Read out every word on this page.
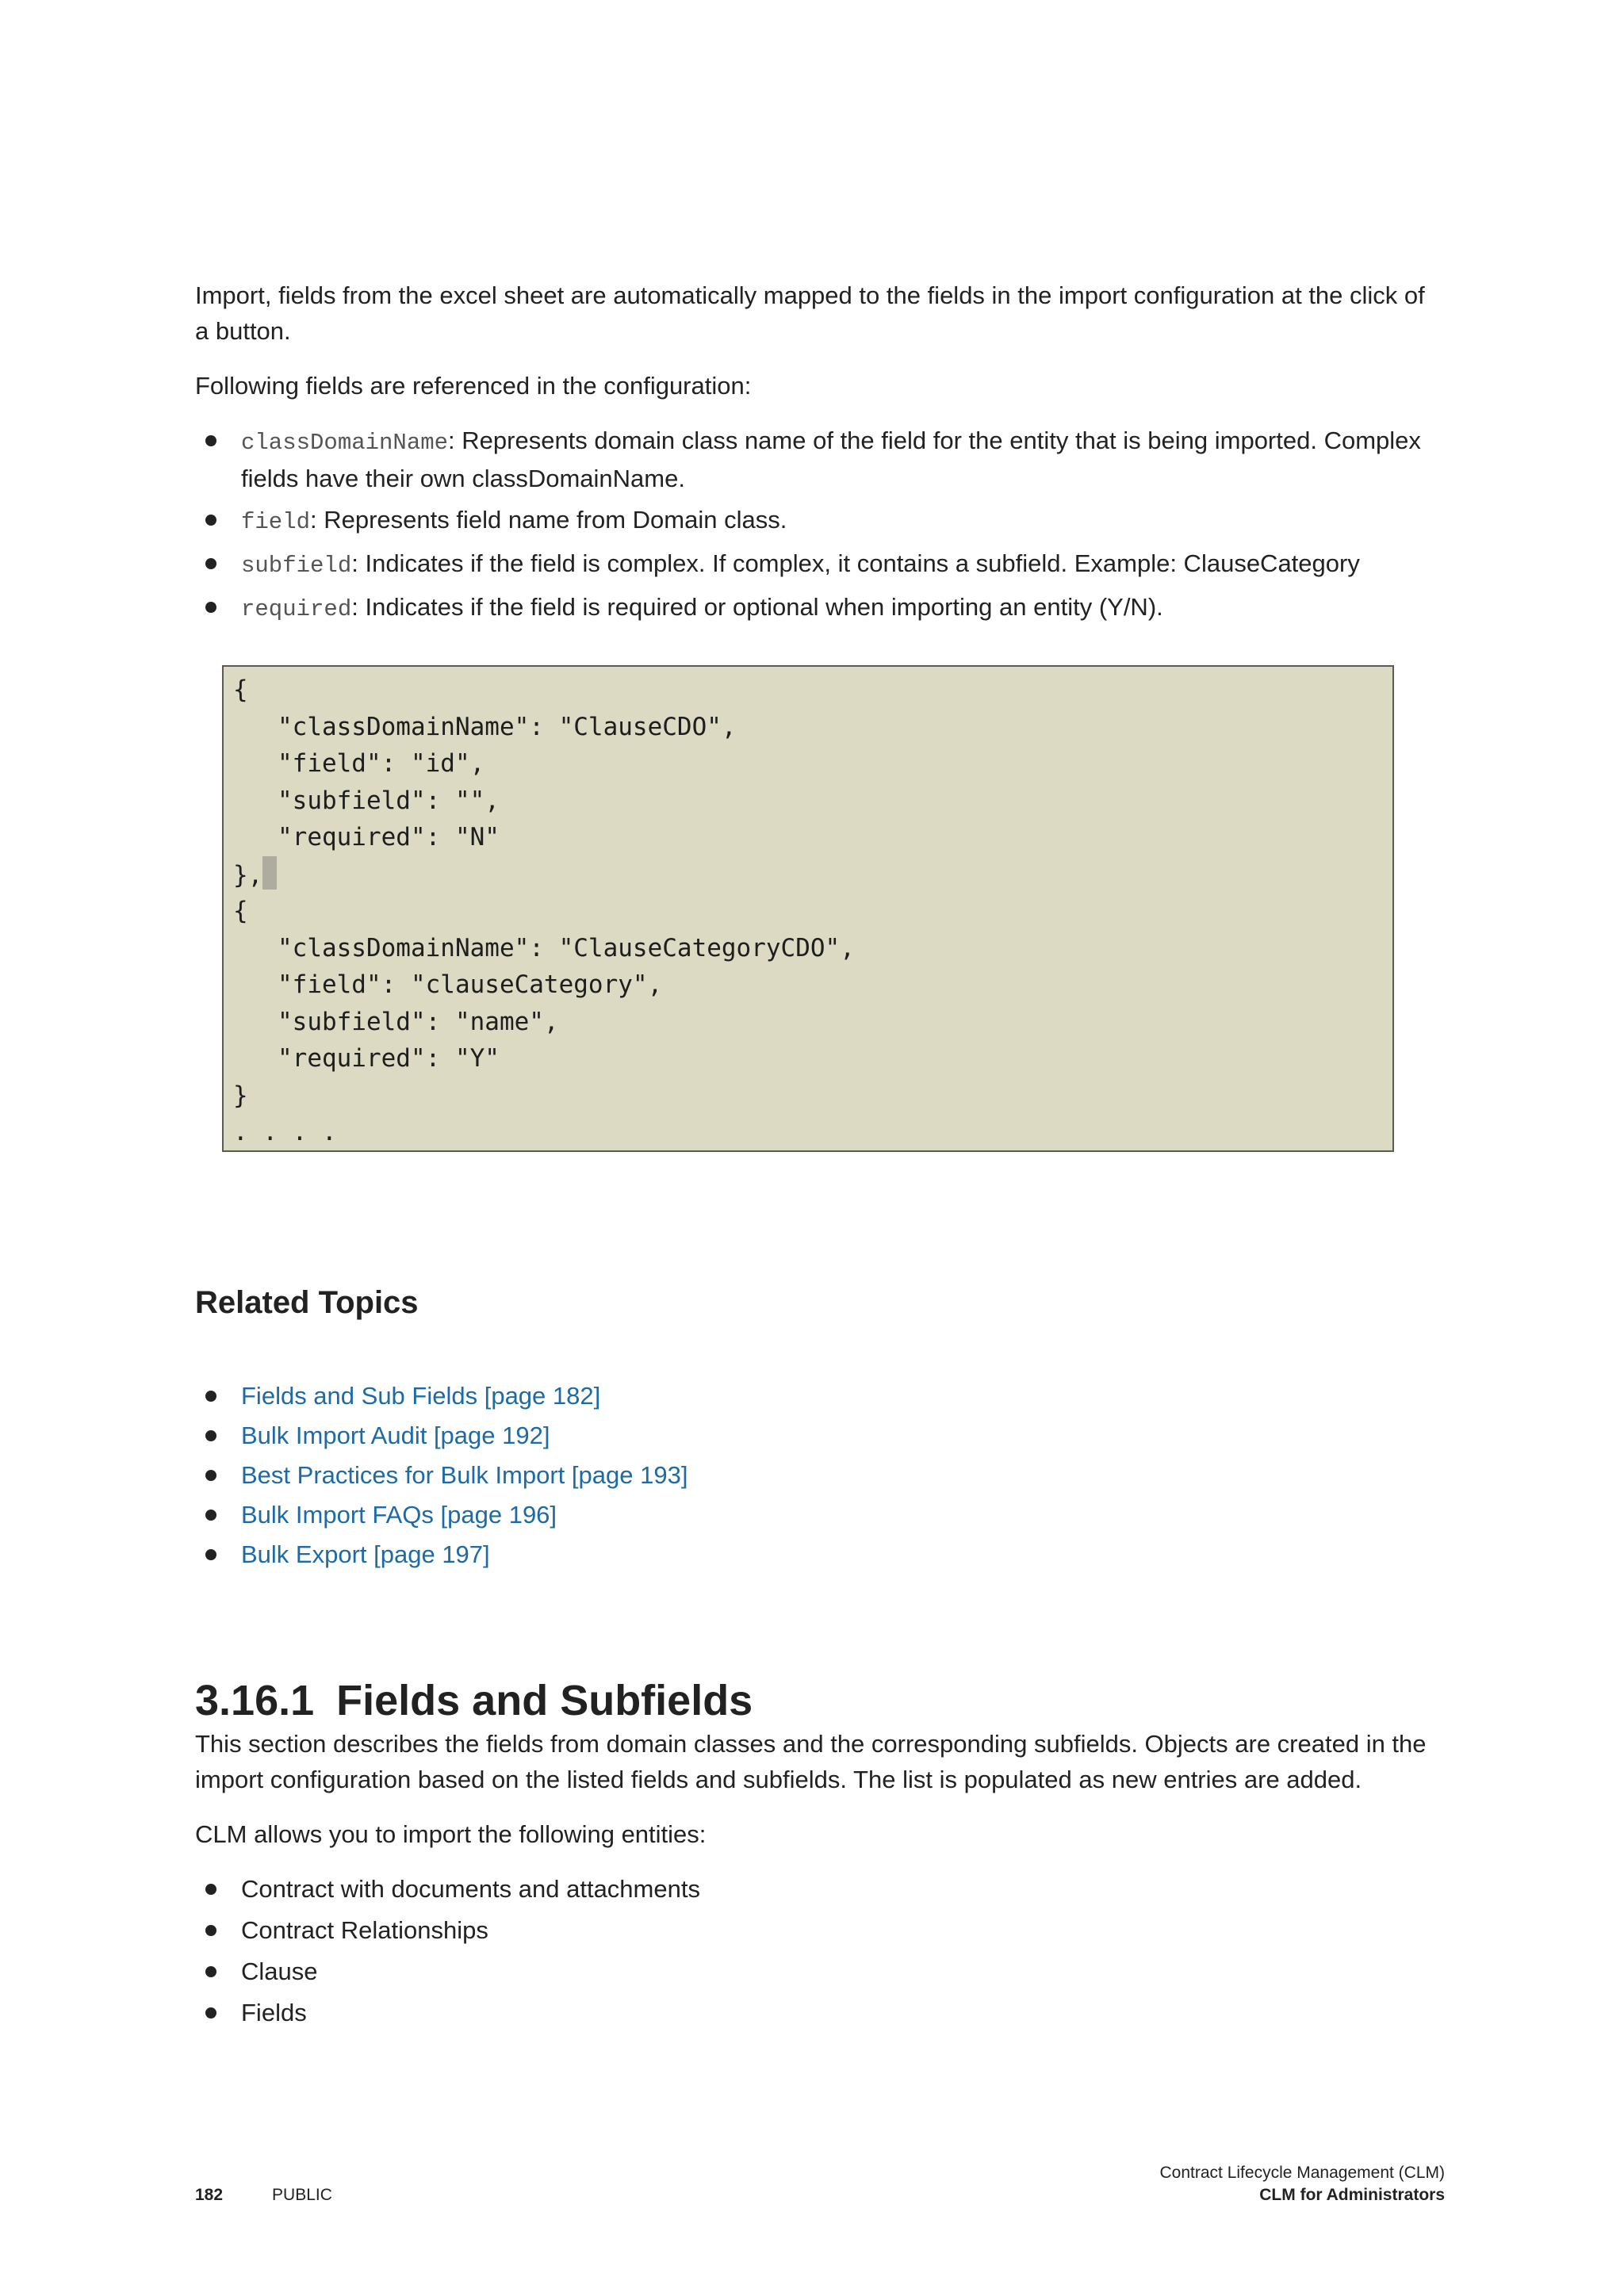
Import, fields from the excel sheet are automatically mapped to the fields in the import configuration at the click of a button.

Following fields are referenced in the configuration:

classDomainName: Represents domain class name of the field for the entity that is being imported. Complex fields have their own classDomainName.
field: Represents field name from Domain class.
subfield: Indicates if the field is complex. If complex, it contains a subfield. Example: ClauseCategory
required: Indicates if the field is required or optional when importing an entity (Y/N).
{
"classDomainName": "ClauseCDO",
"field": "id",
"subfield": "",
"required": "N"
},
{
"classDomainName": "ClauseCategoryCDO",
"field": "clauseCategory",
"subfield": "name",
"required": "Y"
}
. . . .
Related Topics
Fields and Sub Fields [page 182]
Bulk Import Audit [page 192]
Best Practices for Bulk Import [page 193]
Bulk Import FAQs [page 196]
Bulk Export [page 197]
3.16.1 Fields and Subfields

This section describes the fields from domain classes and the corresponding subfields. Objects are created in the import configuration based on the listed fields and subfields. The list is populated as new entries are added.

CLM allows you to import the following entities:

Contract with documents and attachments
Contract Relationships
Clause
Fields
Contract Lifecycle Management (CLM)
CLM for Administrators
182	PUBLIC
